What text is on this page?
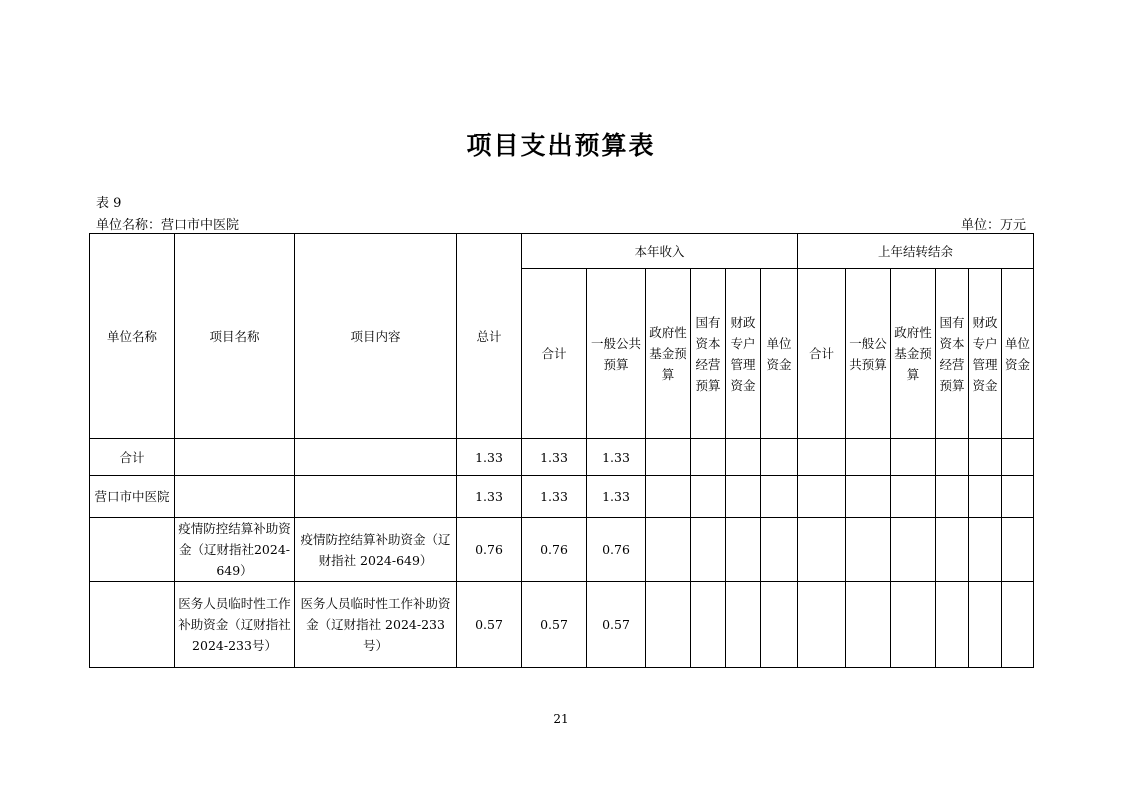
项目支出预算表
表 9
单位名称：营口市中医院	单位：万元
单位名称	项目名称	项目内容	总计	本年收入						上年结转结余					
				合计	一般公共预算	政府性基金预算	国有资本经营预算	财政专户管理资金	单位资金	合计	一般公共预算	政府性基金预算	国有资本经营预算	财政专户管理资金	单位资金
合计			1.33	1.33	1.33										
营口市中医院			1.33	1.33	1.33										
	疫情防控结算补助资金（辽财指社2024-649）	疫情防控结算补助资金（辽财指社 2024-649）	0.76	0.76	0.76										
	医务人员临时性工作补助资金（辽财指社 2024-233号）	医务人员临时性工作补助资金（辽财指社 2024-233 号）	0.57	0.57	0.57										
21
